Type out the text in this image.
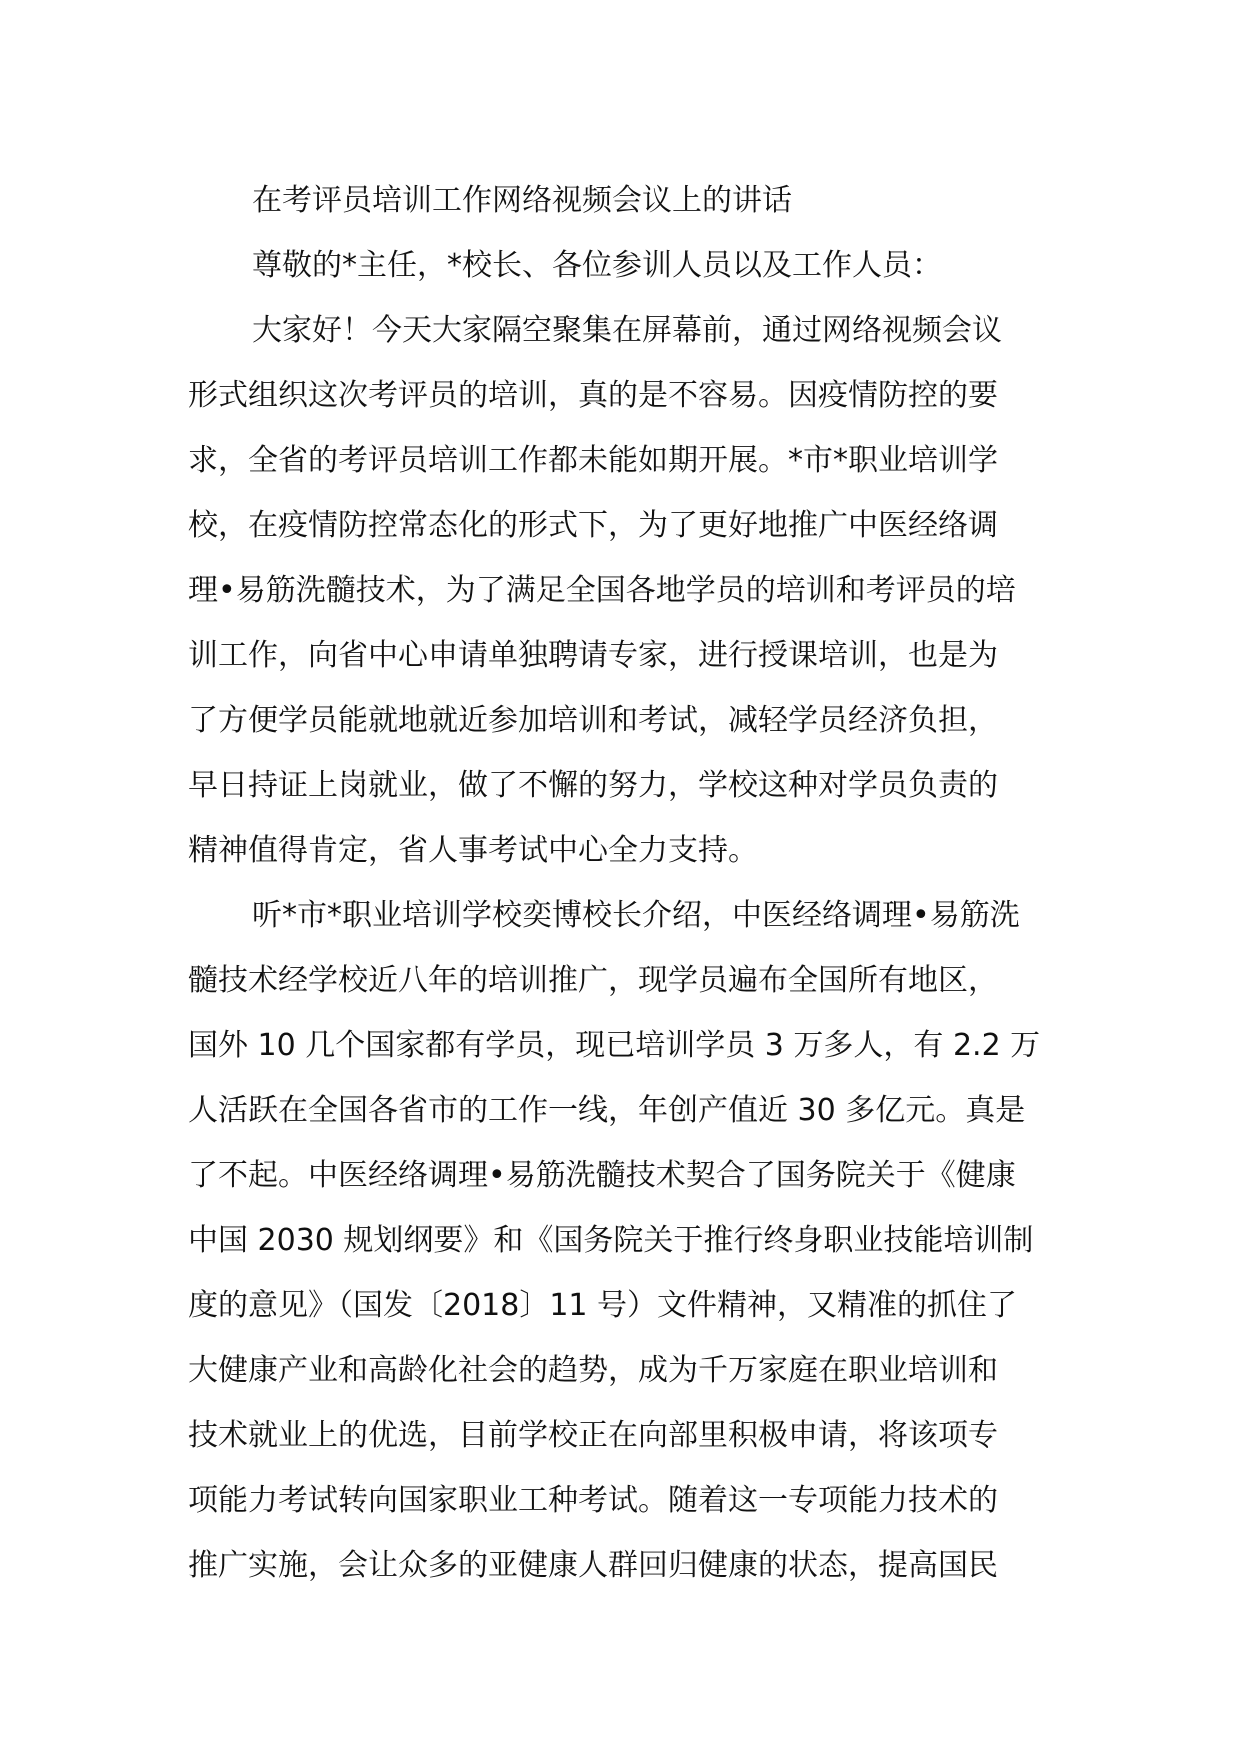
在考评员培训工作网络视频会议上的讲话

尊敬的*主任，*校长、各位参训人员以及工作人员：

大家好！今天大家隔空聚集在屏幕前，通过网络视频会议
形式组织这次考评员的培训，真的是不容易。因疫情防控的要
求，全省的考评员培训工作都未能如期开展。*市*职业培训学
校，在疫情防控常态化的形式下，为了更好地推广中医经络调
理•易筋洗髓技术，为了满足全国各地学员的培训和考评员的培
训工作，向省中心申请单独聘请专家，进行授课培训，也是为
了方便学员能就地就近参加培训和考试，减轻学员经济负担，
早日持证上岗就业，做了不懈的努力，学校这种对学员负责的
精神值得肯定，省人事考试中心全力支持。

听*市*职业培训学校奕博校长介绍，中医经络调理•易筋洗
髓技术经学校近八年的培训推广，现学员遍布全国所有地区，
国外 10 几个国家都有学员，现已培训学员 3 万多人，有 2.2 万
人活跃在全国各省市的工作一线，年创产值近 30 多亿元。真是
了不起。中医经络调理•易筋洗髓技术契合了国务院关于《健康
中国 2030 规划纲要》和《国务院关于推行终身职业技能培训制
度的意见》（国发〔2018〕11 号）文件精神，又精准的抓住了
大健康产业和高龄化社会的趋势，成为千万家庭在职业培训和
技术就业上的优选，目前学校正在向部里积极申请，将该项专
项能力考试转向国家职业工种考试。随着这一专项能力技术的
推广实施，会让众多的亚健康人群回归健康的状态，提高国民
